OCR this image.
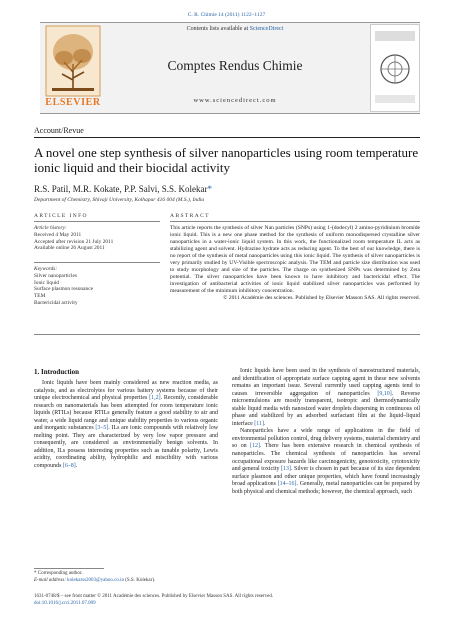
C. R. Chimie 14 (2011) 1122–1127
ELSEVIER
Contents lists available at ScienceDirect
Comptes Rendus Chimie
www.sciencedirect.com
Account/Revue
A novel one step synthesis of silver nanoparticles using room temperature ionic liquid and their biocidal activity
R.S. Patil, M.R. Kokate, P.P. Salvi, S.S. Kolekar*
Department of Chemistry, Shivaji University, Kolhapur 416 004 (M.S.), India
ARTICLE INFO	ABSTRACT
Article history:
Received 4 May 2011
Accepted after revision 21 July 2011
Available online 26 August 2011
Keywords:
Silver nanoparticles
Ionic liquid
Surface plasmon resonance
TEM
Bactericidal activity
This article reports the synthesis of silver Nan particles (SNPs) using 1-(dodecyl) 2 amino-pyridinium bromide ionic liquid. This is a new one phase method for the synthesis of uniform monodispersed crystalline silver nanoparticles in a water-ionic liquid system. In this work, the functionalized room temperature IL acts as stabilizing agent and solvent. Hydrazine hydrate acts as reducing agent. To the best of our knowledge, there is no report of the synthesis of metal nanoparticles using this ionic liquid. The synthesis of silver nanoparticles is very primarily studied by UV-Visible spectroscopic analysis. The TEM and particle size distribution was used to study morphology and size of the particles. The charge on synthesized SNPs was determined by Zeta potential. The silver nanoparticles have been known to have inhibitory and bactericidal effect. The investigation of antibacterial activities of ionic liquid stabilized silver nanoparticles was performed by measurement of the minimum inhibitory concentration.
© 2011 Académie des sciences. Published by Elsevier Masson SAS. All rights reserved.
1. Introduction
Ionic liquids have been mainly considered as new reaction media, as catalysts, and as electrolytes for various battery systems because of their unique electrochemical and physical properties [1,2]. Recently, considerable research on nanomaterials has been attempted for room temperature ionic liquids (RTILs) because RTILs generally feature a good stability to air and water, a wide liquid range and unique stability properties to various organic and inorganic substances [3–5]. ILs are ionic compounds with relatively low melting point. They are characterized by very low vapor pressure and consequently, are considered as environmentally benign solvents. In addition, ILs possess interesting properties such as tunable polarity, Lewis acidity, coordinating ability, hydrophilic and miscibility with various compounds [6–8].

Ionic liquids have been used in the synthesis of nanostructured materials, and identification of appropriate surface capping agent in these new solvents remains an important issue. Several currently used capping agents tend to causes irreversible aggregation of nanoparticles [9,10]. Reverse microemulsions are mostly transparent, isotropic and thermodynamically stable liquid media with nanosized water droplets dispersing in continuous oil phase and stabilized by an adsorbed surfactant film at the liquid–liquid interface [11].

Nanoparticles have a wide range of applications in the field of environmental pollution control, drug delivery systems, material chemistry and so on [12]. There has been extensive research in chemical synthesis of nanoparticles. The chemical synthesis of nanoparticles has several occupational exposure hazards like carcinogenicity, genotoxicity, cytotoxicity and general toxicity [13]. Silver is chosen in part because of its size dependent surface plasmon and other unique properties, which have found increasingly broad applications [14–16]. Generally, metal nanoparticles can be prepared by both physical and chemical methods; however, the chemical approach, such

* Corresponding author.
E-mail address: kolekarss2003@yahoo.co.in (S.S. Kolekar).
1631-0748/$ – see front matter © 2011 Académie des sciences. Published by Elsevier Masson SAS. All rights reserved.
doi:10.1016/j.crci.2011.07.009
